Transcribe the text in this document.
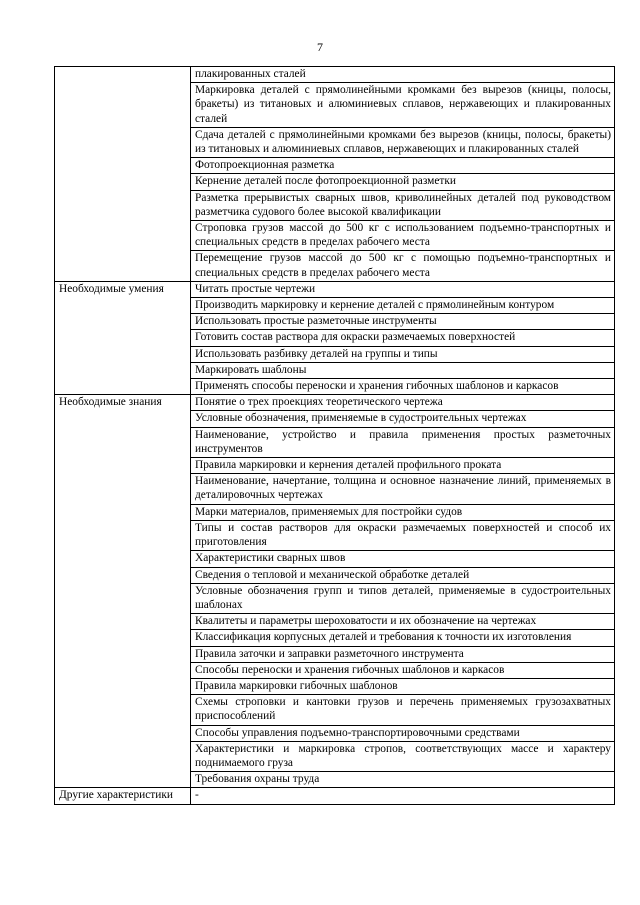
7
	плакированных сталей
	Маркировка деталей с прямолинейными кромками без вырезов (кницы, полосы, бракеты) из титановых и алюминиевых сплавов, нержавеющих и плакированных сталей
	Сдача деталей с прямолинейными кромками без вырезов (кницы, полосы, бракеты) из титановых и алюминиевых сплавов, нержавеющих и плакированных сталей
	Фотопроекционная разметка
	Кернение деталей после фотопроекционной разметки
	Разметка прерывистых сварных швов, криволинейных деталей под руководством разметчика судового более высокой квалификации
	Строповка грузов массой до 500 кг с использованием подъемно-транспортных и специальных средств в пределах рабочего места
	Перемещение грузов массой до 500 кг с помощью подъемно-транспортных и специальных средств в пределах рабочего места
Необходимые умения	Читать простые чертежи
	Производить маркировку и кернение деталей с прямолинейным контуром
	Использовать простые разметочные инструменты
	Готовить состав раствора для окраски размечаемых поверхностей
	Использовать разбивку деталей на группы и типы
	Маркировать шаблоны
	Применять способы переноски и хранения гибочных шаблонов и каркасов
Необходимые знания	Понятие о трех проекциях теоретического чертежа
	Условные обозначения, применяемые в судостроительных чертежах
	Наименование, устройство и правила применения простых разметочных инструментов
	Правила маркировки и кернения деталей профильного проката
	Наименование, начертание, толщина и основное назначение линий, применяемых в деталировочных чертежах
	Марки материалов, применяемых для постройки судов
	Типы и состав растворов для окраски размечаемых поверхностей и способ их приготовления
	Характеристики сварных швов
	Сведения о тепловой и механической обработке деталей
	Условные обозначения групп и типов деталей, применяемые в судостроительных шаблонах
	Квалитеты и параметры шероховатости и их обозначение на чертежах
	Классификация корпусных деталей и требования к точности их изготовления
	Правила заточки и заправки разметочного инструмента
	Способы переноски и хранения гибочных шаблонов и каркасов
	Правила маркировки гибочных шаблонов
	Схемы строповки и кантовки грузов и перечень применяемых грузозахватных приспособлений
	Способы управления подъемно-транспортировочными средствами
	Характеристики и маркировка стропов, соответствующих массе и характеру поднимаемого груза
	Требования охраны труда
Другие характеристики	-
